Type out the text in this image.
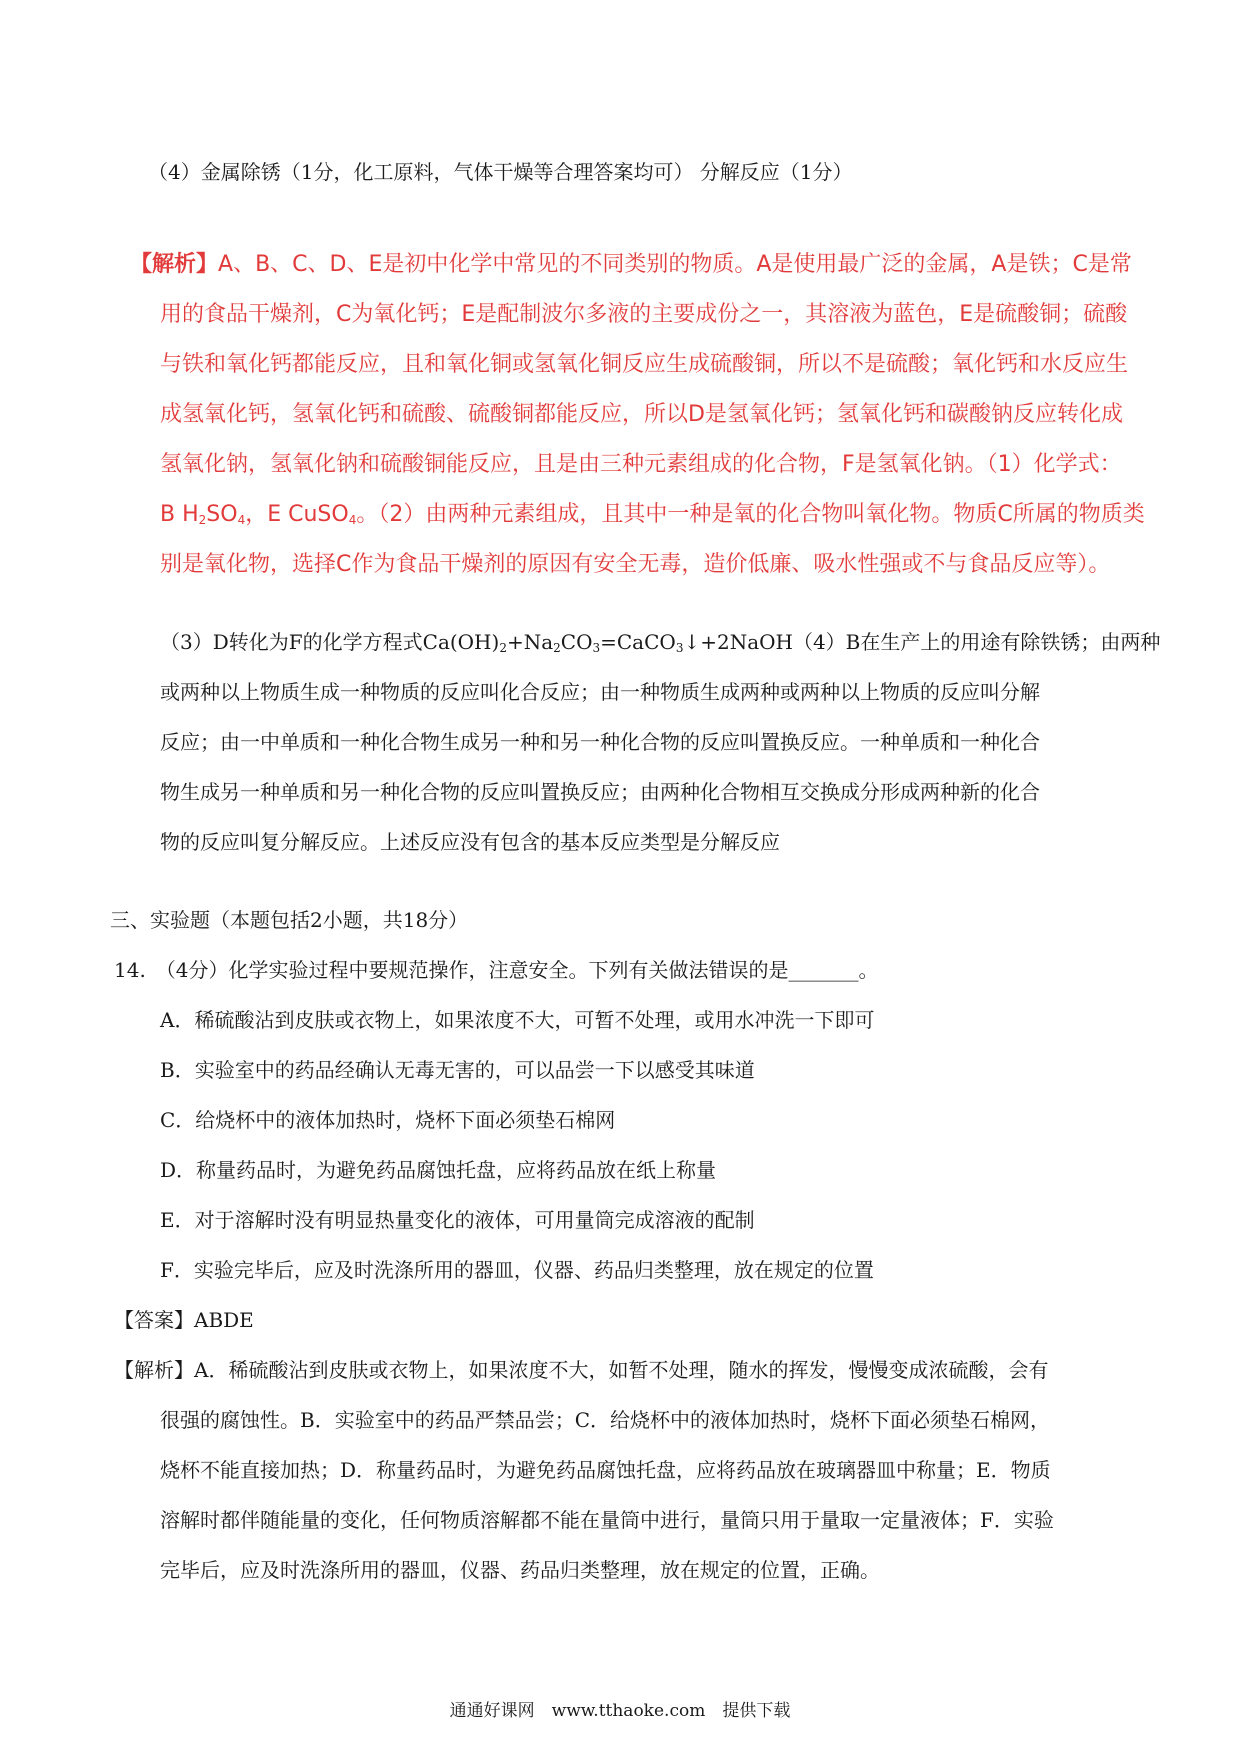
（4）金属除锈（1分，化工原料，气体干燥等合理答案均可） 分解反应（1分）
【解析】A、B、C、D、E是初中化学中常见的不同类别的物质。A是使用最广泛的金属，A是铁；C是常
用的食品干燥剂，C为氧化钙；E是配制波尔多液的主要成份之一，其溶液为蓝色，E是硫酸铜；硫酸
与铁和氧化钙都能反应，且和氧化铜或氢氧化铜反应生成硫酸铜，所以不是硫酸；氧化钙和水反应生
成氢氧化钙，氢氧化钙和硫酸、硫酸铜都能反应，所以D是氢氧化钙；氢氧化钙和碳酸钠反应转化成
氢氧化钠，氢氧化钠和硫酸铜能反应，且是由三种元素组成的化合物，F是氢氧化钠。（1）化学式：
B $H_2SO_4$，E CuSO$_4$。（2）由两种元素组成，且其中一种是氧的化合物叫氧化物。物质C所属的物质类
别是氧化物，选择C作为食品干燥剂的原因有安全无毒，造价低廉、吸水性强或不与食品反应等）。
（3）D转化为F的化学方程式$Ca(OH)_2+Na_2CO_3=CaCO_3↓+2NaOH(4)B$在生产上的用途有除铁锈；由两种
或两种以上物质生成一种物质的反应叫化合反应；由一种物质生成两种或两种以上物质的反应叫分解
反应；由一中单质和一种化合物生成另一种和另一种化合物的反应叫置换反应。一种单质和一种化合
物生成另一种单质和另一种化合物的反应叫置换反应；由两种化合物相互交换成分形成两种新的化合
物的反应叫复分解反应。上述反应没有包含的基本反应类型是分解反应
三、实验题（本题包括2小题，共18分）
14.　（4分）化学实验过程中要规范操作，注意安全。下列有关做法错误的是_______。
A．稀硫酸沾到皮肤或衣物上，如果浓度不大，可暂不处理，或用水冲洗一下即可
B．实验室中的药品经确认无毒无害的，可以品尝一下以感受其味道
C．给烧杯中的液体加热时，烧杯下面必须垫石棉网
D．称量药品时，为避免药品腐蚀托盘，应将药品放在纸上称量
E．对于溶解时没有明显热量变化的液体，可用量筒完成溶液的配制
F．实验完毕后，应及时洗涤所用的器皿，仪器、药品归类整理，放在规定的位置
【答案】ABDE
【解析】A．稀硫酸沾到皮肤或衣物上，如果浓度不大，如暂不处理，随水的挥发，慢慢变成浓硫酸，会有
很强的腐蚀性。B．实验室中的药品严禁品尝；C．给烧杯中的液体加热时，烧杯下面必须垫石棉网，
烧杯不能直接加热；D．称量药品时，为避免药品腐蚀托盘，应将药品放在玻璃器皿中称量；E．物质
溶解时都伴随能量的变化，任何物质溶解都不能在量筒中进行，量筒只用于量取一定量液体；F．实验
完毕后，应及时洗涤所用的器皿，仪器、药品归类整理，放在规定的位置，正确。
通通好课网　www.tthaoke.com　提供下载
